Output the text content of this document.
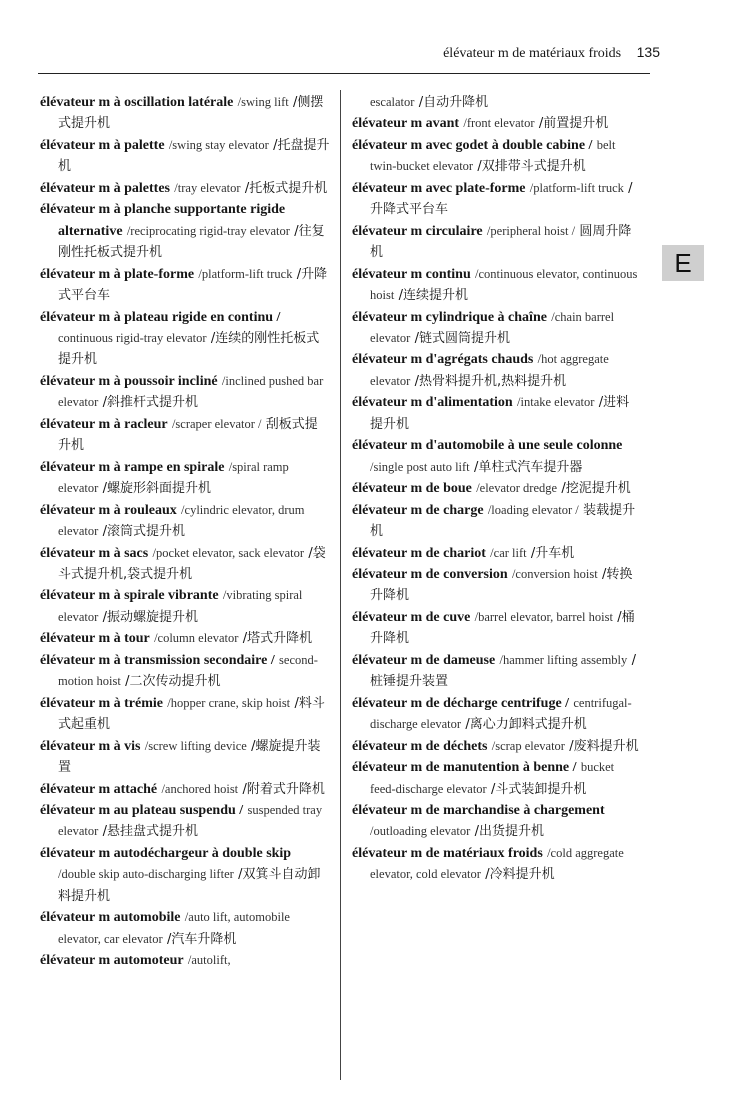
élévateur m de matériaux froids 135
E
élévateur m à oscillation latérale /swing lift /侧摆式提升机
élévateur m à palette /swing stay elevator /托盘提升机
élévateur m à palettes /tray elevator /托板式提升机
élévateur m à planche supportante rigide alternative /reciprocating rigid-tray elevator /往复刚性托板式提升机
élévateur m à plate-forme /platform-lift truck /升降式平台车
élévateur m à plateau rigide en continu / continuous rigid-tray elevator /连续的刚性托板式提升机
élévateur m à poussoir incliné /inclined pushed bar elevator /斜推杆式提升机
élévateur m à racleur /scraper elevator / 刮板式提升机
élévateur m à rampe en spirale /spiral ramp elevator /螺旋形斜面提升机
élévateur m à rouleaux /cylindric elevator, drum elevator /滚筒式提升机
élévateur m à sacs /pocket elevator, sack elevator /袋斗式提升机,袋式提升机
élévateur m à spirale vibrante /vibrating spiral elevator /振动螺旋提升机
élévateur m à tour /column elevator /塔式升降机
élévateur m à transmission secondaire / second-motion hoist /二次传动提升机
élévateur m à trémie /hopper crane, skip hoist /料斗式起重机
élévateur m à vis /screw lifting device /螺旋提升装置
élévateur m attaché /anchored hoist /附着式升降机
élévateur m au plateau suspendu / suspended tray elevator /悬挂盘式提升机
élévateur m autodéchargeur à double skip /double skip auto-discharging lifter /双箕斗自动卸料提升机
élévateur m automobile /auto lift, automobile elevator, car elevator /汽车升降机
élévateur m automoteur /autolift,
escalator /自动升降机
élévateur m avant /front elevator /前置提升机
élévateur m avec godet à double cabine / belt twin-bucket elevator /双排带斗式提升机
élévateur m avec plate-forme /platform-lift truck /升降式平台车
élévateur m circulaire /peripheral hoist / 圆周升降机
élévateur m continu /continuous elevator, continuous hoist /连续提升机
élévateur m cylindrique à chaîne /chain barrel elevator /链式圆筒提升机
élévateur m d'agrégats chauds /hot aggregate elevator /热骨料提升机,热料提升机
élévateur m d'alimentation /intake elevator /进料提升机
élévateur m d'automobile à une seule colonne /single post auto lift /单柱式汽车提升器
élévateur m de boue /elevator dredge /挖泥提升机
élévateur m de charge /loading elevator / 装载提升机
élévateur m de chariot /car lift /升车机
élévateur m de conversion /conversion hoist /转换升降机
élévateur m de cuve /barrel elevator, barrel hoist /桶升降机
élévateur m de dameuse /hammer lifting assembly /桩锤提升装置
élévateur m de décharge centrifuge / centrifugal-discharge elevator /离心力卸料式提升机
élévateur m de déchets /scrap elevator /废料提升机
élévateur m de manutention à benne / bucket feed-discharge elevator /斗式装卸提升机
élévateur m de marchandise à chargement /outloading elevator /出货提升机
élévateur m de matériaux froids /cold aggregate elevator, cold elevator /冷料提升机
